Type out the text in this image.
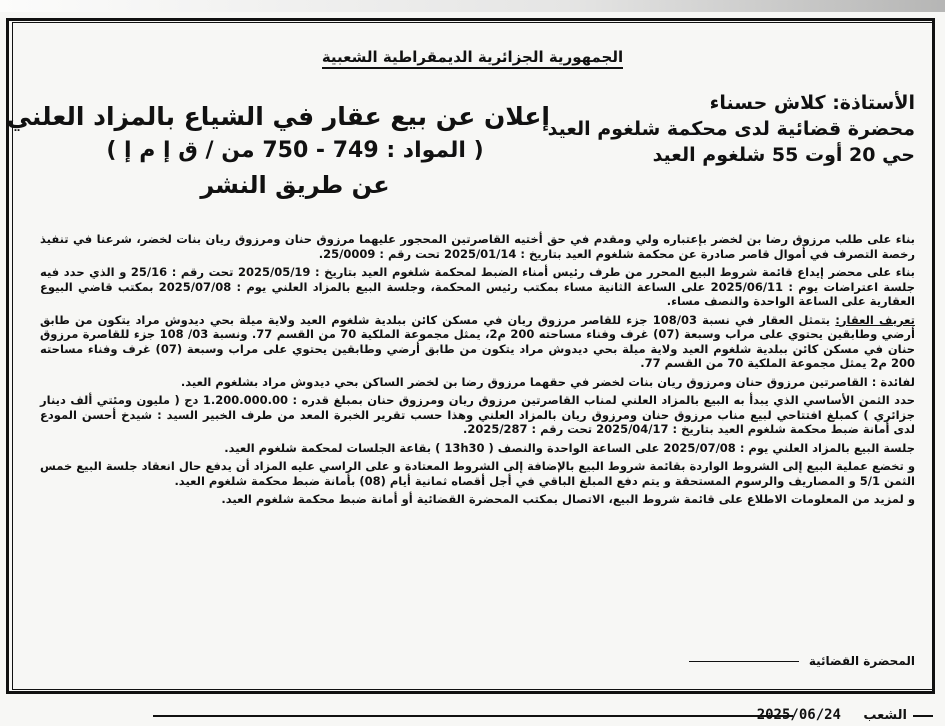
الجمهورية الجزائرية الديمقراطية الشعبية
الأستاذة: كلاش حسناء
محضرة قضائية لدى محكمة شلغوم العيد
حي 20 أوت 55 شلغوم العيد
إعلان عن بيع عقار في الشياع بالمزاد العلني
( المواد : 749 - 750 من / ق إ م إ )
عن طريق النشر

بناء على طلب مرزوق رضا بن لخضر بإعتباره ولي ومقدم في حق أختيه القاصرتين المحجور عليهما مرزوق حنان ومرزوق ريان بنات لخضر، شرعنا في تنفيذ رخصة التصرف في أموال قاصر صادرة عن محكمة شلغوم العيد بتاريخ : 2025/01/14 تحت رقم : 25/0009.

بناء على محضر إيداع قائمة شروط البيع المحرر من طرف رئيس أمناء الضبط لمحكمة شلغوم العيد بتاريخ : 2025/05/19 تحت رقم : 25/16 و الذي حدد فيه جلسة اعتراضات يوم : 2025/06/11 على الساعة الثانية مساء بمكتب رئيس المحكمة، وجلسة البيع بالمزاد العلني يوم : 2025/07/08 بمكتب قاضي البيوع العقارية على الساعة الواحدة والنصف مساء.

تعريف العقار: يتمثل العقار في نسبة 108/03 جزء للقاصر مرزوق ريان في مسكن كائن ببلدية شلغوم العيد ولاية ميلة بحي ديدوش مراد يتكون من طابق أرضي وطابقين يحتوي على مراب وسبعة (07) غرف وفناء مساحته 200 م2، يمثل مجموعة الملكية 70 من القسم 77. ونسبة 03/ 108 جزء للقاصرة مرزوق حنان في مسكن كائن ببلدية شلغوم العيد ولاية ميلة بحي ديدوش مراد يتكون من طابق أرضي وطابقين يحتوي على مراب وسبعة (07) غرف وفناء مساحته 200 م2 يمثل مجموعة الملكية 70 من القسم 77.

لفائدة : القاصرتين مرزوق حنان ومرزوق ريان بنات لخضر في حقهما مرزوق رضا بن لخضر الساكن بحي ديدوش مراد بشلغوم العيد.

حدد الثمن الأساسي الذي يبدأ به البيع بالمزاد العلني لمناب القاصرتين مرزوق ريان ومرزوق حنان بمبلغ قدره : 1.200.000.00 دج ( مليون ومئتي ألف دينار جزائري ) كمبلغ افتتاحي لبيع مناب مرزوق حنان ومرزوق ريان بالمزاد العلني وهذا حسب تقرير الخبرة المعد من طرف الخبير السيد : شيدخ أحسن المودع لدى أمانة ضبط محكمة شلغوم العيد بتاريخ : 2025/04/17 تحت رقم : 2025/287.

جلسة البيع بالمزاد العلني يوم : 2025/07/08 على الساعة الواحدة والنصف ( 13h30 ) بقاعة الجلسات لمحكمة شلغوم العيد.

و تخضع عملية البيع إلى الشروط الواردة بقائمة شروط البيع بالإضافة إلى الشروط المعتادة و على الراسي عليه المزاد أن يدفع حال انعقاد جلسة البيع خمس الثمن 5/1 و المصاريف والرسوم المستحقة و يتم دفع المبلغ الباقي في أجل أقصاه ثمانية أيام (08) بأمانة ضبط محكمة شلغوم العيد.

و لمزيد من المعلومات الاطلاع على قائمة شروط البيع، الاتصال بمكتب المحضرة القضائية أو أمانة ضبط محكمة شلغوم العيد.

المحضرة القضائية
الشعب
2025/06/24
